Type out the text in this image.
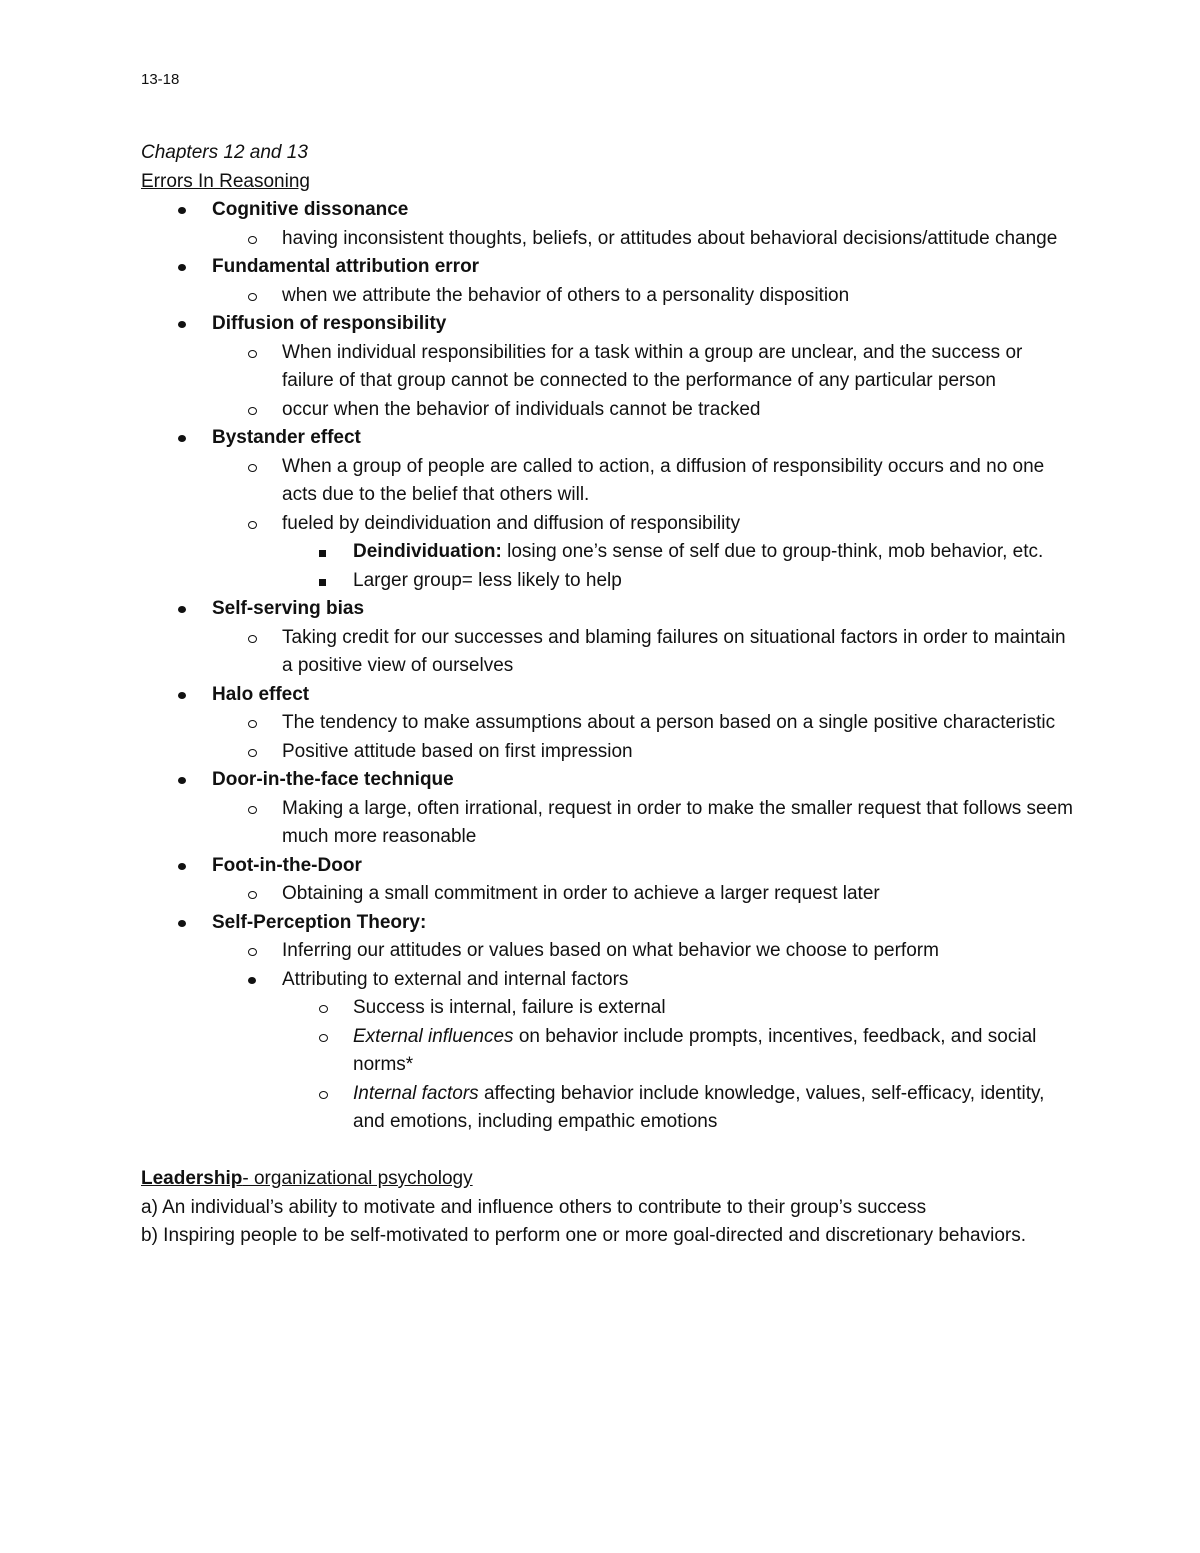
13-18
Chapters 12 and 13
Errors In Reasoning
Cognitive dissonance
having inconsistent thoughts, beliefs, or attitudes about behavioral decisions/attitude change
Fundamental attribution error
when we attribute the behavior of others to a personality disposition
Diffusion of responsibility
When individual responsibilities for a task within a group are unclear, and the success or failure of that group cannot be connected to the performance of any particular person
occur when the behavior of individuals cannot be tracked
Bystander effect
When a group of people are called to action, a diffusion of responsibility occurs and no one acts due to the belief that others will.
fueled by deindividuation and diffusion of responsibility
Deindividuation: losing one’s sense of self due to group-think, mob behavior, etc.
Larger group= less likely to help
Self-serving bias
Taking credit for our successes and blaming failures on situational factors in order to maintain a positive view of ourselves
Halo effect
The tendency to make assumptions about a person based on a single positive characteristic
Positive attitude based on first impression
Door-in-the-face technique
Making a large, often irrational, request in order to make the smaller request that follows seem much more reasonable
Foot-in-the-Door
Obtaining a small commitment in order to achieve a larger request later
Self-Perception Theory:
Inferring our attitudes or values based on what behavior we choose to perform
Attributing to external and internal factors
Success is internal, failure is external
External influences on behavior include prompts, incentives, feedback, and social norms*
Internal factors affecting behavior include knowledge, values, self-efficacy, identity, and emotions, including empathic emotions
Leadership- organizational psychology

a) An individual’s ability to motivate and influence others to contribute to their group’s success

b) Inspiring people to be self-motivated to perform one or more goal-directed and discretionary behaviors.
